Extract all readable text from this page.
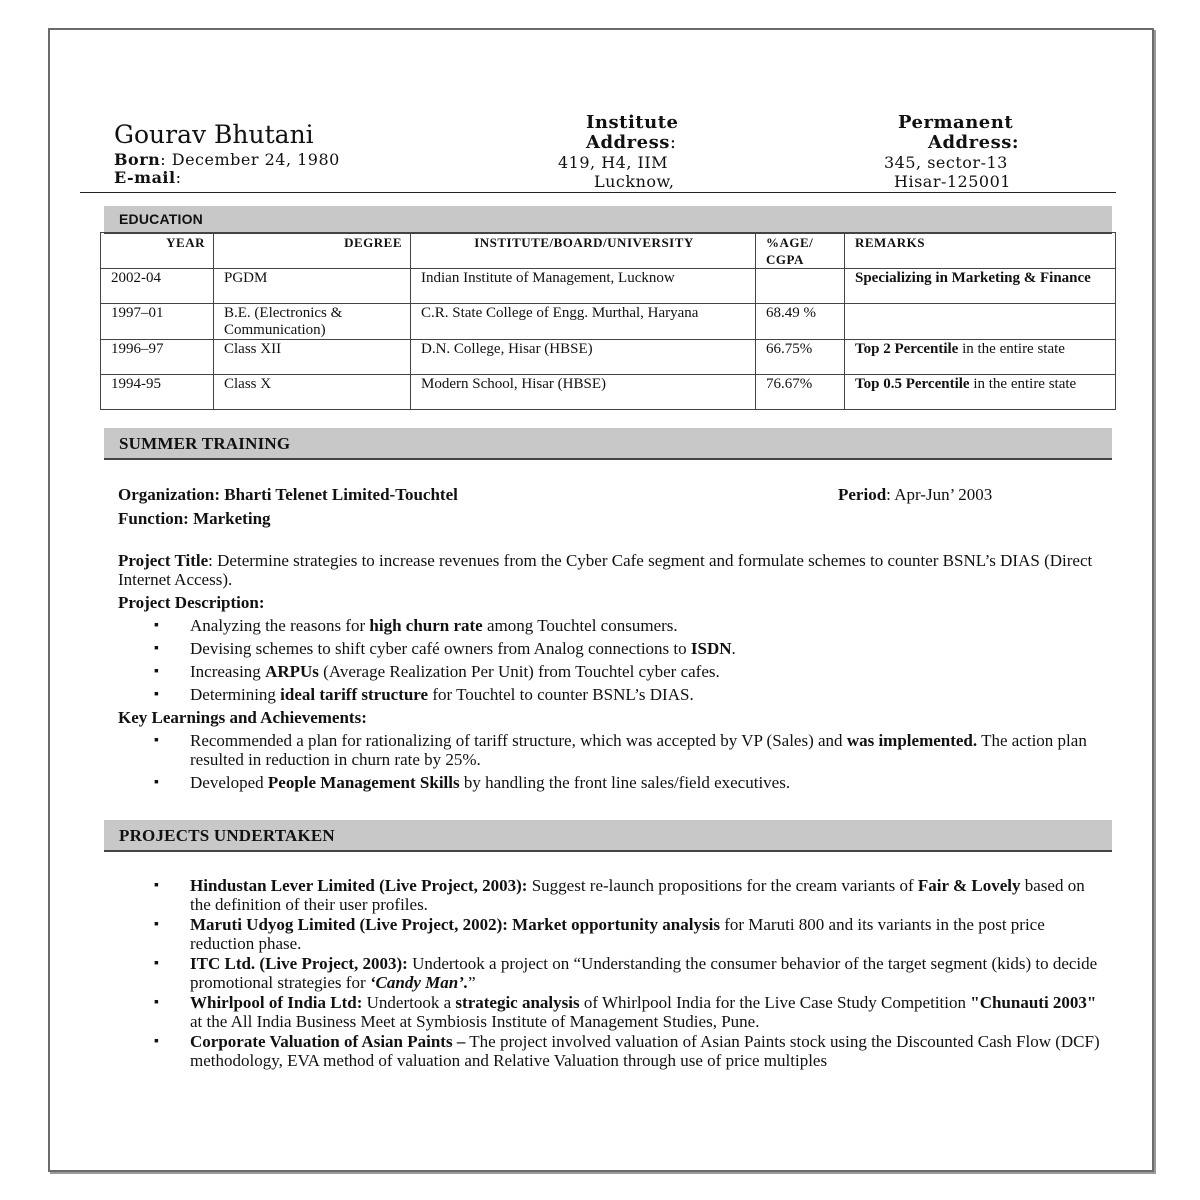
Gourav Bhutani
Born: December 24, 1980
E-mail:
Institute
Address:
419, H4, IIM
Lucknow,
Permanent
Address:
345, sector-13
Hisar-125001
EDUCATION
YEAR	DEGREE	INSTITUTE/BOARD/UNIVERSITY	%AGE/ CGPA	REMARKS
2002-04	PGDM	Indian Institute of Management, Lucknow		Specializing in Marketing & Finance
1997–01	B.E. (Electronics & Communication)	C.R. State College of Engg. Murthal, Haryana	68.49 %	
1996–97	Class XII	D.N. College, Hisar (HBSE)	66.75%	Top 2 Percentile in the entire state
1994-95	Class X	Modern School, Hisar (HBSE)	76.67%	Top 0.5 Percentile in the entire state
SUMMER TRAINING
Organization: Bharti Telenet Limited-Touchtel	Period: Apr-Jun’ 2003
Function: Marketing
Project Title: Determine strategies to increase revenues from the Cyber Cafe segment and formulate schemes to counter BSNL’s DIAS (Direct Internet Access).
Project Description:
▪ Analyzing the reasons for high churn rate among Touchtel consumers.
▪ Devising schemes to shift cyber café owners from Analog connections to ISDN.
▪ Increasing ARPUs (Average Realization Per Unit) from Touchtel cyber cafes.
▪ Determining ideal tariff structure for Touchtel to counter BSNL’s DIAS.
Key Learnings and Achievements:
▪ Recommended a plan for rationalizing of tariff structure, which was accepted by VP (Sales) and was implemented. The action plan resulted in reduction in churn rate by 25%.
▪ Developed People Management Skills by handling the front line sales/field executives.
PROJECTS UNDERTAKEN
▪ Hindustan Lever Limited (Live Project, 2003): Suggest re-launch propositions for the cream variants of Fair & Lovely based on the definition of their user profiles.
▪ Maruti Udyog Limited (Live Project, 2002): Market opportunity analysis for Maruti 800 and its variants in the post price reduction phase.
▪ ITC Ltd. (Live Project, 2003): Undertook a project on “Understanding the consumer behavior of the target segment (kids) to decide promotional strategies for ‘Candy Man’.”
▪ Whirlpool of India Ltd: Undertook a strategic analysis of Whirlpool India for the Live Case Study Competition "Chunauti 2003" at the All India Business Meet at Symbiosis Institute of Management Studies, Pune.
▪ Corporate Valuation of Asian Paints – The project involved valuation of Asian Paints stock using the Discounted Cash Flow (DCF) methodology, EVA method of valuation and Relative Valuation through use of price multiples
